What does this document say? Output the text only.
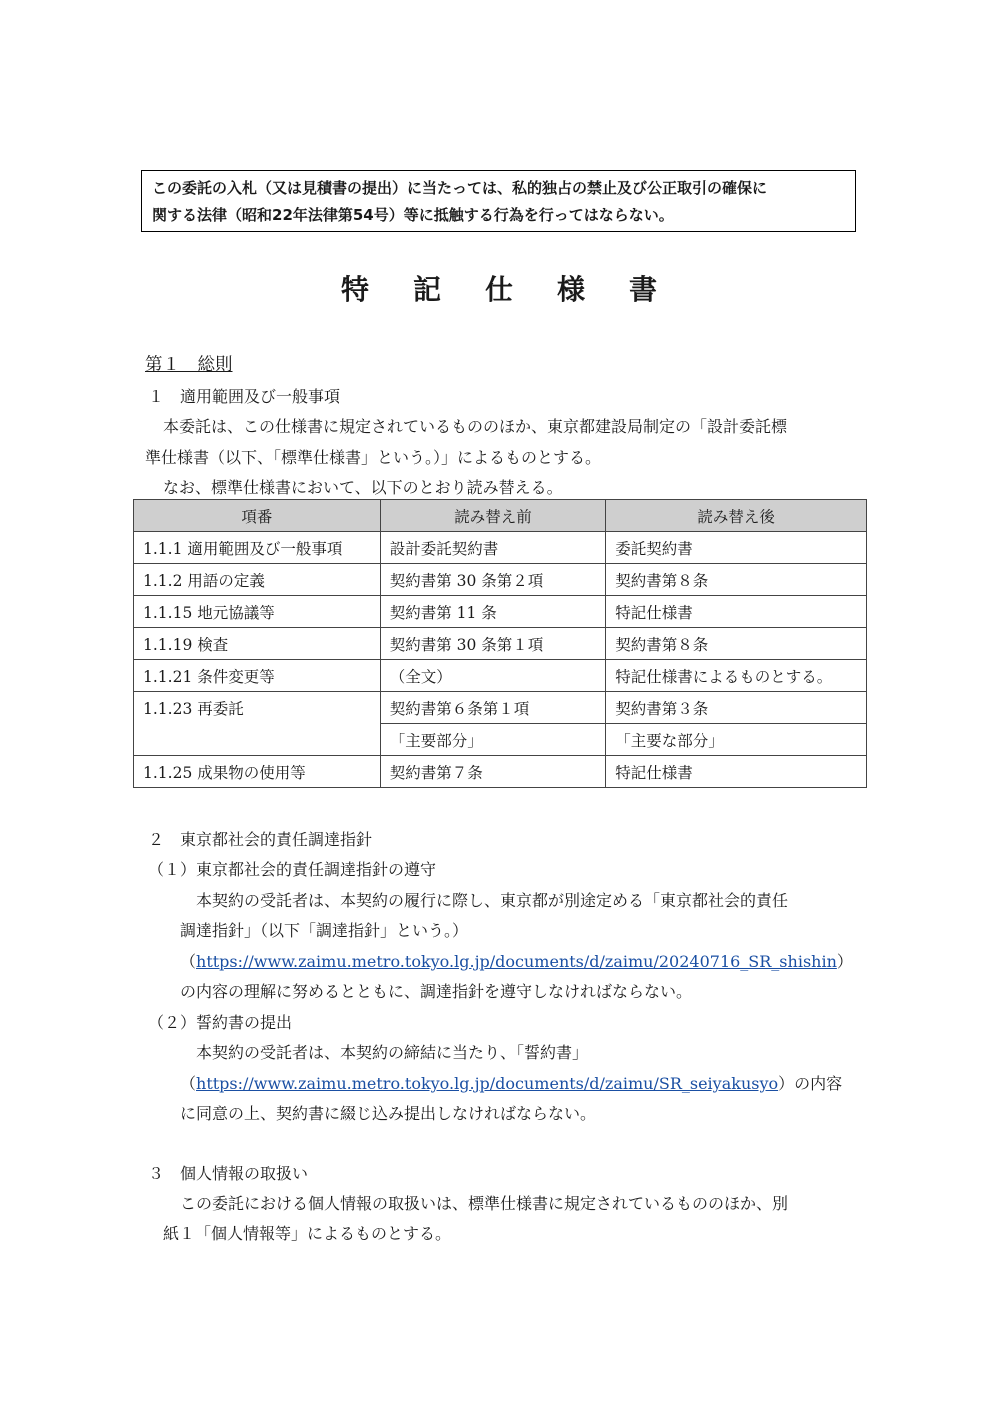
この委託の入札（又は見積書の提出）に当たっては、私的独占の禁止及び公正取引の確保に
関する法律（昭和22年法律第54号）等に抵触する行為を行ってはならない。
特 記 仕 様 書
第１　総則
１　適用範囲及び一般事項
本委託は、この仕様書に規定されているもののほか、東京都建設局制定の「設計委託標
準仕様書（以下、「標準仕様書」という。）」によるものとする。
なお、標準仕様書において、以下のとおり読み替える。
項番	読み替え前	読み替え後
1.1.1 適用範囲及び一般事項	設計委託契約書	委託契約書
1.1.2 用語の定義	契約書第 30 条第２項	契約書第８条
1.1.15 地元協議等	契約書第 11 条	特記仕様書
1.1.19 検査	契約書第 30 条第１項	契約書第８条
1.1.21 条件変更等	（全文）	特記仕様書によるものとする。
1.1.23 再委託	契約書第６条第１項	契約書第３条
	「主要部分」	「主要な部分」
1.1.25 成果物の使用等	契約書第７条	特記仕様書
２　東京都社会的責任調達指針
（１）東京都社会的責任調達指針の遵守
本契約の受託者は、本契約の履行に際し、東京都が別途定める「東京都社会的責任
調達指針」（以下「調達指針」という。）
（https://www.zaimu.metro.tokyo.lg.jp/documents/d/zaimu/20240716_SR_shishin）
の内容の理解に努めるとともに、調達指針を遵守しなければならない。
（２）誓約書の提出
本契約の受託者は、本契約の締結に当たり、「誓約書」
（https://www.zaimu.metro.tokyo.lg.jp/documents/d/zaimu/SR_seiyakusyo）の内容
に同意の上、契約書に綴じ込み提出しなければならない。
３　個人情報の取扱い
この委託における個人情報の取扱いは、標準仕様書に規定されているもののほか、別
紙１「個人情報等」によるものとする。
